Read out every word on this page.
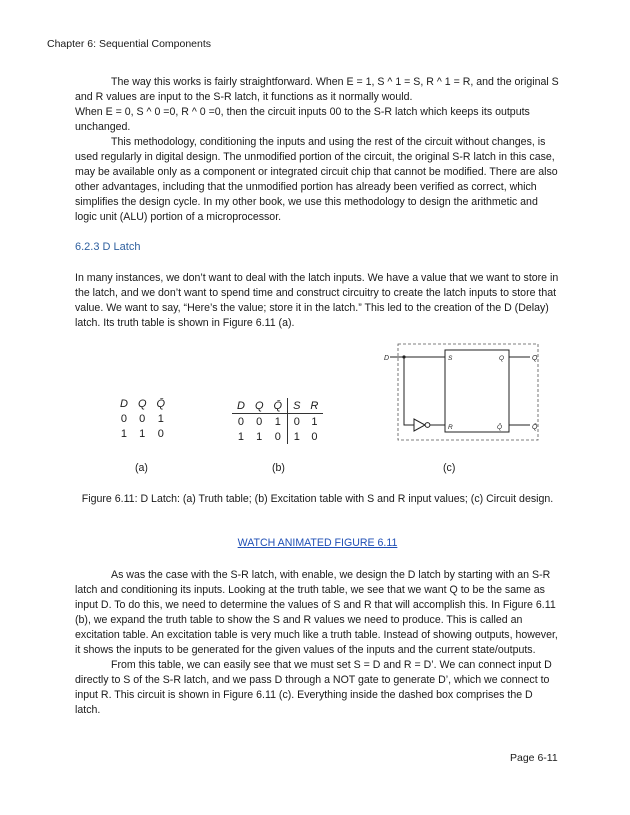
Chapter 6: Sequential Components

The way this works is fairly straightforward. When E = 1, S ^ 1 = S, R ^ 1 = R, and the original S and R values are input to the S-R latch, it functions as it normally would.

When E = 0, S ^ 0 =0, R ^ 0 =0, then the circuit inputs 00 to the S-R latch which keeps its outputs unchanged.

This methodology, conditioning the inputs and using the rest of the circuit without changes, is used regularly in digital design. The unmodified portion of the circuit, the original S-R latch in this case, may be available only as a component or integrated circuit chip that cannot be modified. There are also other advantages, including that the unmodified portion has already been verified as correct, which simplifies the design cycle. In my other book, we use this methodology to design the arithmetic and logic unit (ALU) portion of a microprocessor.

6.2.3 D Latch
In many instances, we don’t want to deal with the latch inputs. We have a value that we want to store in the latch, and we don’t want to spend time and construct circuitry to create the latch inputs to store that value. We want to say, “Here’s the value; store it in the latch.” This led to the creation of the D (Delay) latch. Its truth table is shown in Figure 6.11 (a).
D	Q	Q̄
0	0	1
1	1	0
D	Q	Q̄	S	R
0	0	1	0	1
1	1	0	1	0
D	S
R
Q
Q̄
Q
Q̄
(a)	(b)	(c)
Figure 6.11: D Latch: (a) Truth table; (b) Excitation table with S and R input values; (c) Circuit design.
WATCH ANIMATED FIGURE 6.11

As was the case with the S-R latch, with enable, we design the D latch by starting with an S-R latch and conditioning its inputs. Looking at the truth table, we see that we want Q to be the same as input D. To do this, we need to determine the values of S and R that will accomplish this. In Figure 6.11 (b), we expand the truth table to show the S and R values we need to produce. This is called an excitation table. An excitation table is very much like a truth table. Instead of showing outputs, however, it shows the inputs to be generated for the given values of the inputs and the current state/outputs.

From this table, we can easily see that we must set S = D and R = D’. We can connect input D directly to S of the S-R latch, and we pass D through a NOT gate to generate D’, which we connect to input R. This circuit is shown in Figure 6.11 (c). Everything inside the dashed box comprises the D latch.

Page 6-11
